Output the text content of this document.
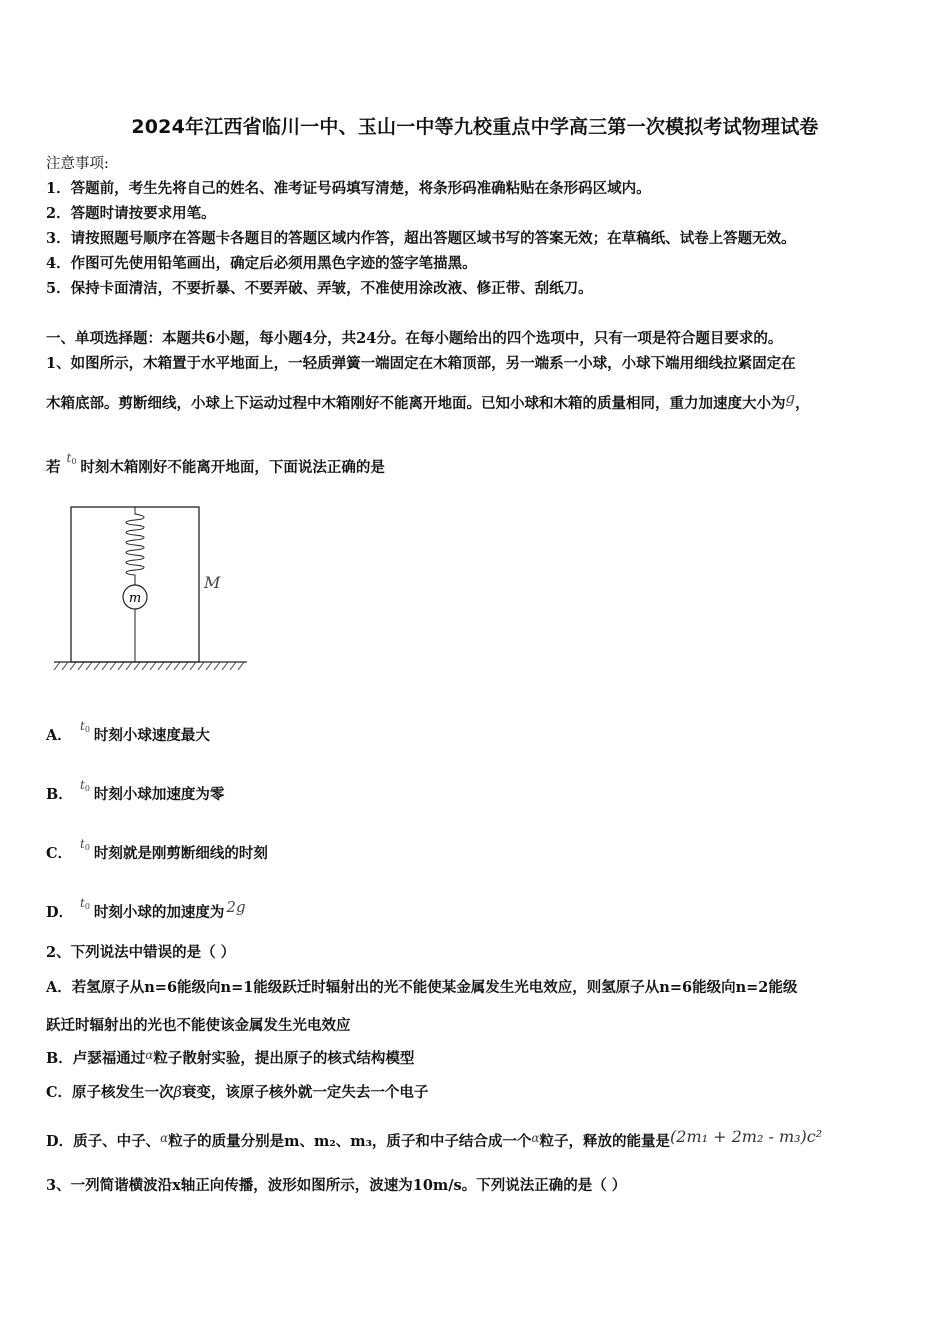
2024年江西省临川一中、玉山一中等九校重点中学高三第一次模拟考试物理试卷
注意事项:
1．答题前，考生先将自己的姓名、准考证号码填写清楚，将条形码准确粘贴在条形码区域内。
2．答题时请按要求用笔。
3．请按照题号顺序在答题卡各题目的答题区域内作答，超出答题区域书写的答案无效；在草稿纸、试卷上答题无效。
4．作图可先使用铅笔画出，确定后必须用黑色字迹的签字笔描黑。
5．保持卡面清洁，不要折暴、不要弄破、弄皱，不准使用涂改液、修正带、刮纸刀。
一、单项选择题：本题共6小题，每小题4分，共24分。在每小题给出的四个选项中，只有一项是符合题目要求的。
1、如图所示，木箱置于水平地面上，一轻质弹簧一端固定在木箱顶部，另一端系一小球，小球下端用细线拉紧固定在
木箱底部。剪断细线，小球上下运动过程中木箱刚好不能离开地面。已知小球和木箱的质量相同，重力加速度大小为g，
若$^{t_0}$ 时刻木箱刚好不能离开地面，下面说法正确的是
m
M
A．$^{t_0}$ 时刻小球速度最大
B．$^{t_0}$ 时刻小球加速度为零
C．$^{t_0}$ 时刻就是刚剪断细线的时刻
D．$^{t_0}$ 时刻小球的加速度为 2g
2、下列说法中错误的是（ ）
A．若氢原子从n=6能级向n=1能级跃迁时辐射出的光不能使某金属发生光电效应，则氢原子从n=6能级向n=2能级
跃迁时辐射出的光也不能使该金属发生光电效应
B．卢瑟福通过$^\alpha$粒子散射实验，提出原子的核式结构模型
C．原子核发生一次β衰变，该原子核外就一定失去一个电子
D．质子、中子、$^\alpha$粒子的质量分别是m、m₂、m₃，质子和中子结合成一个$^\alpha$粒子，释放的能量是(2m₁ + 2m₂ - m₃)c²
3、一列简谐横波沿x轴正向传播，波形如图所示，波速为10m/s。下列说法正确的是（ ）
